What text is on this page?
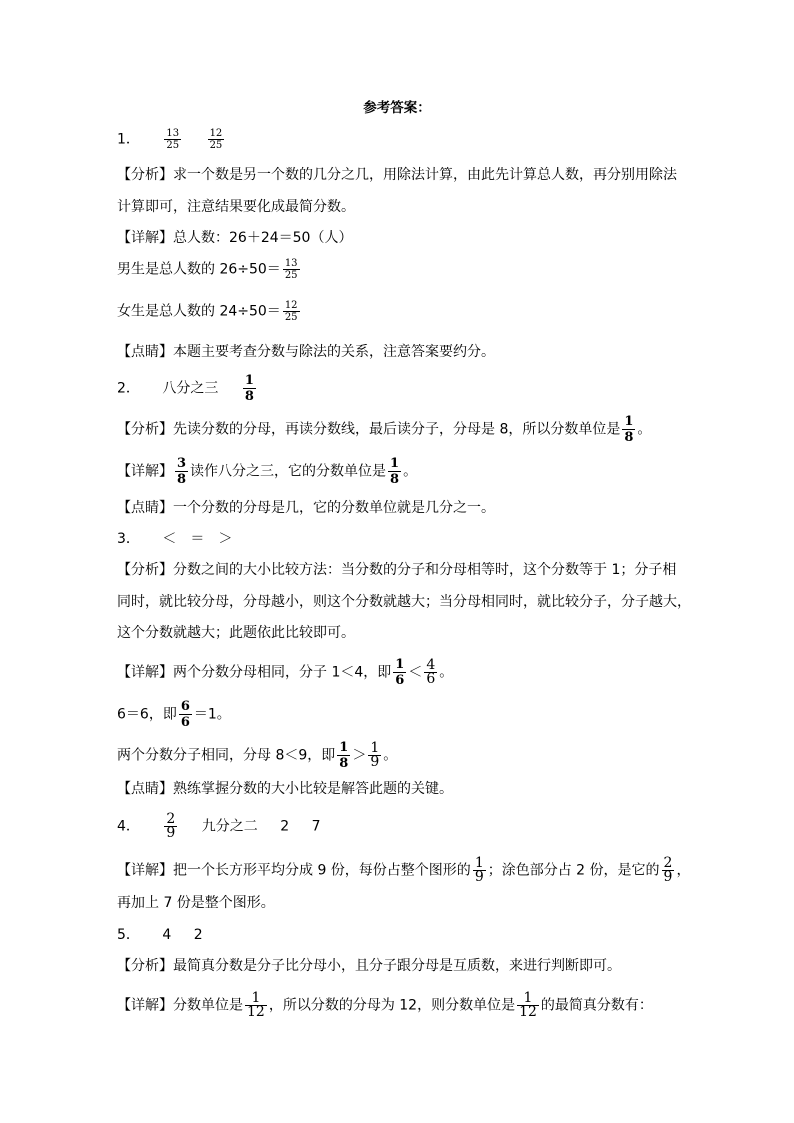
参考答案：
1． $\frac{13}{25}$
	$\frac{12}{25}$
【分析】求一个数是另一个数的几分之几，用除法计算，由此先计算总人数，再分别用除法
计算即可，注意结果要化成最简分数。
【详解】总人数：26＋24＝50（人）
男生是总人数的 $26\div 50= \frac{13}{25}$
女生是总人数的 $24\div 50= \frac{12}{25}$
【点睛】本题主要考查分数与除法的关系，注意答案要约分。
2． 八分之三 $\frac{1}{8}$
【分析】先读分数的分母，再读分数线，最后读分子，分母是 8，所以分数单位是 $\frac{1}{8}$ 。
【详解】 $\frac{3}{8}$ 读作八分之三，它的分数单位是 $\frac{1}{8}$ 。
【点睛】一个分数的分母是几，它的分数单位就是几分之一。
3． ＜　＝　＞
【分析】分数之间的大小比较方法：当分数的分子和分母相等时，这个分数等于 1；分子相
同时，就比较分母，分母越小，则这个分数就越大；当分母相同时，就比较分子，分子越大，
这个分数就越大；此题依此比较即可。
【详解】两个分数分母相同，分子 1＜4，即 $\frac{1}{6} < \frac{4}{6}$ 。
6＝6，即 $\frac{6}{6} =1$。
两个分数分子相同，分母 8＜9，即 $\frac{1}{8} > \frac{1}{9}$ 。
【点睛】熟练掌握分数的大小比较是解答此题的关键。
4． $\frac{2}{9}$ 九分之二 2 7
【详解】把一个长方形平均分成 9 份，每份占整个图形的 $\frac{1}{9}$ ；涂色部分占 2 份，是它的 $\frac{2}{9}$ ，
再加上 7 份是整个图形。
5． 4 2
【分析】最简真分数是分子比分母小，且分子跟分母是互质数，来进行判断即可。
【详解】分数单位是 $\frac{1}{12}$ ，所以分数的分母为 12，则分数单位是 $\frac{1}{12}$ 的最简真分数有：
